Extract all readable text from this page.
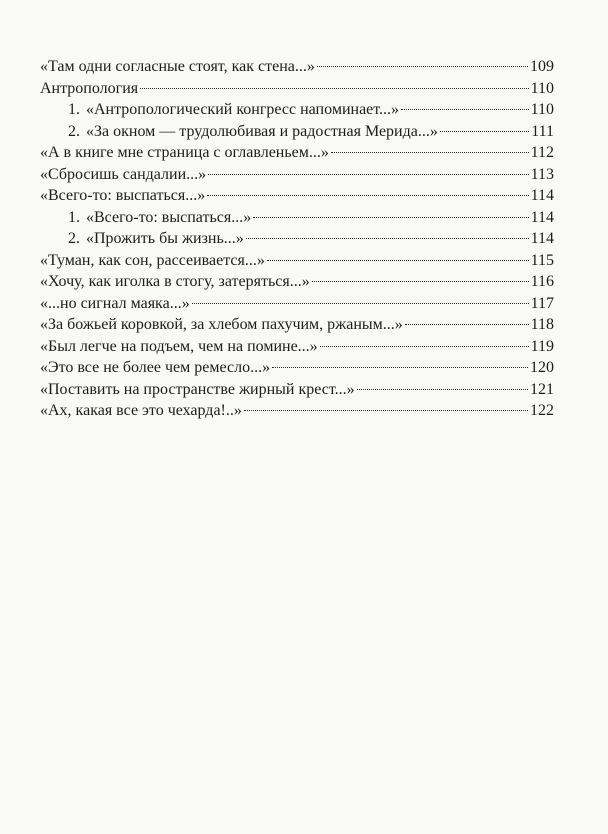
«Там одни согласные стоят, как стена...»	109
Антропология	110
1. «Антропологический конгресс напоминает...»	110
2. «За окном — трудолюбивая и радостная Мерида...»	111
«А в книге мне страница с оглавленьем...»	112
«Сбросишь сандалии...»	113
«Всего-то: выспаться...»	114
1. «Всего-то: выспаться...»	114
2. «Прожить бы жизнь...»	114
«Туман, как сон, рассеивается...»	115
«Хочу, как иголка в стогу, затеряться...»	116
«...но сигнал маяка...»	117
«За божьей коровкой, за хлебом пахучим, ржаным...»	118
«Был легче на подъем, чем на помине...»	119
«Это все не более чем ремесло...»	120
«Поставить на пространстве жирный крест...»	121
«Ах, какая все это чехарда!..»	122
